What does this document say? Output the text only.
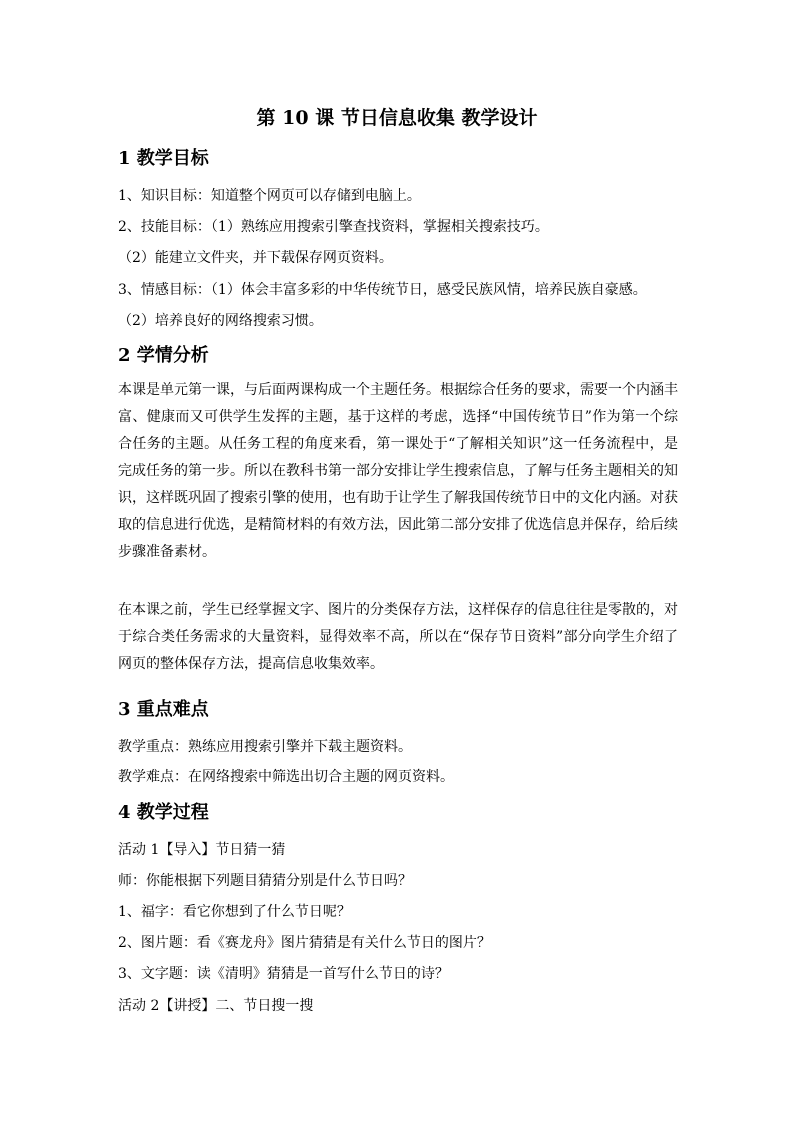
第 10 课 节日信息收集 教学设计
1 教学目标
1、知识目标：知道整个网页可以存储到电脑上。
2、技能目标：（1）熟练应用搜索引擎查找资料，掌握相关搜索技巧。
（2）能建立文件夹，并下载保存网页资料。
3、情感目标：（1）体会丰富多彩的中华传统节日，感受民族风情，培养民族自豪感。
（2）培养良好的网络搜索习惯。
2 学情分析
本课是单元第一课，与后面两课构成一个主题任务。根据综合任务的要求，需要一个内涵丰富、健康而又可供学生发挥的主题，基于这样的考虑，选择“中国传统节日”作为第一个综合任务的主题。从任务工程的角度来看，第一课处于“了解相关知识”这一任务流程中，是完成任务的第一步。所以在教科书第一部分安排让学生搜索信息，了解与任务主题相关的知识，这样既巩固了搜索引擎的使用，也有助于让学生了解我国传统节日中的文化内涵。对获取的信息进行优选，是精简材料的有效方法，因此第二部分安排了优选信息并保存，给后续步骤准备素材。
在本课之前，学生已经掌握文字、图片的分类保存方法，这样保存的信息往往是零散的，对于综合类任务需求的大量资料，显得效率不高，所以在“保存节日资料”部分向学生介绍了网页的整体保存方法，提高信息收集效率。
3 重点难点
教学重点：熟练应用搜索引擎并下载主题资料。
教学难点：在网络搜索中筛选出切合主题的网页资料。
4 教学过程
活动 1【导入】节日猜一猜
师：你能根据下列题目猜猜分别是什么节日吗？
1、福字：看它你想到了什么节日呢？
2、图片题：看《赛龙舟》图片猜猜是有关什么节日的图片？
3、文字题：读《清明》猜猜是一首写什么节日的诗？
活动 2【讲授】二、节日搜一搜
